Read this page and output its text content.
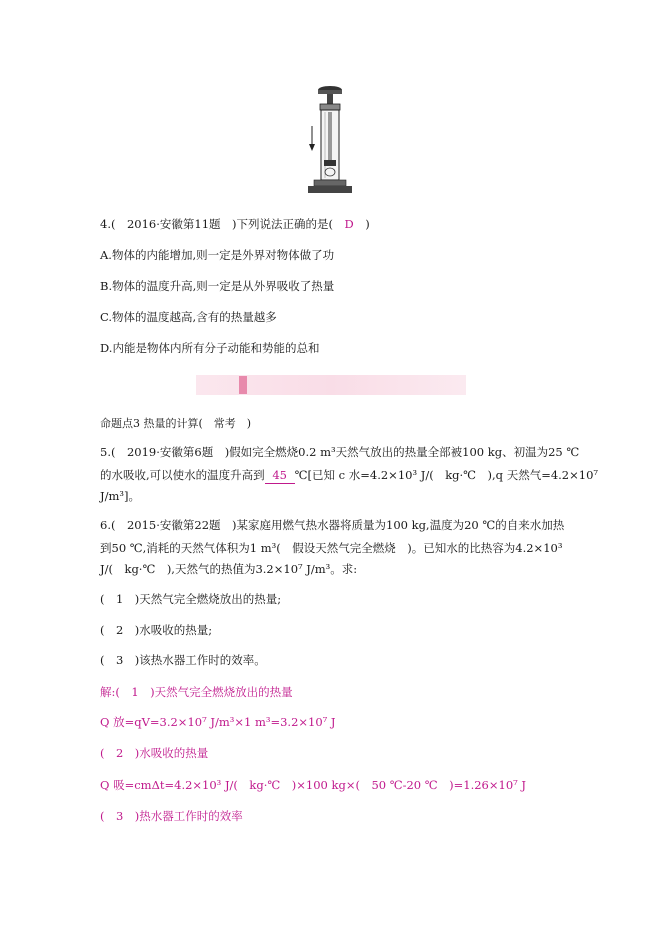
4.(　2016·安徽第11题　)下列说法正确的是(　D　)
A.物体的内能增加,则一定是外界对物体做了功
B.物体的温度升高,则一定是从外界吸收了热量
C.物体的温度越高,含有的热量越多
D.内能是物体内所有分子动能和势能的总和
命题点3 热量的计算(　常考　)
5.(　2019·安徽第6题　)假如完全燃烧0.2 m³天然气放出的热量全部被100 kg、初温为25 ℃
的水吸收,可以使水的温度升高到 45 ℃[已知 c 水=4.2×10³ J/(　kg·℃　),q 天然气=4.2×10⁷
J/m³]。
6.(　2015·安徽第22题　)某家庭用燃气热水器将质量为100 kg,温度为20 ℃的自来水加热
到50 ℃,消耗的天然气体积为1 m³(　假设天然气完全燃烧　)。已知水的比热容为4.2×10³
J/(　kg·℃　),天然气的热值为3.2×10⁷ J/m³。求:
(　1　)天然气完全燃烧放出的热量;
(　2　)水吸收的热量;
(　3　)该热水器工作时的效率。
解:(　1　)天然气完全燃烧放出的热量
Q 放=qV=3.2×10⁷ J/m³×1 m³=3.2×10⁷ J
(　2　)水吸收的热量
Q 吸=cmΔt=4.2×10³ J/(　kg·℃　)×100 kg×(　50 ℃-20 ℃　)=1.26×10⁷ J
(　3　)热水器工作时的效率
